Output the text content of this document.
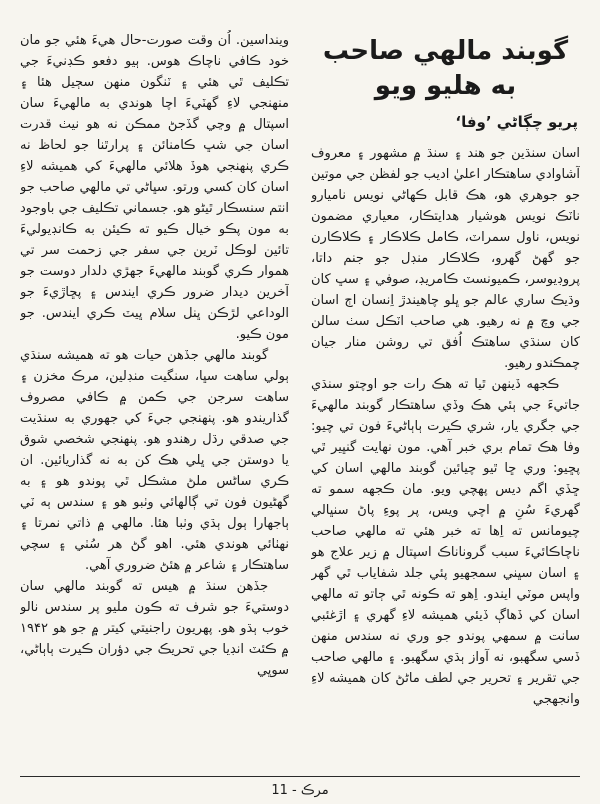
گوبند مالهي صاحب
به هليو ويو
پريو چڳاڻي ’وفا‘

اسان سنڌين جو هند ۽ سنڌ ۾ مشهور ۽ معروف آشاوادي ساهتڪار اعليٰ اديب جو لفظن جي موتين جو جوهري هو، هڪ قابل ڪهاڻي نويس ناميارو ناٽڪ نويس هوشيار هدايتڪار، معياري مضمون نويس، ناول سمراٽ، ڪامل ڪلاڪار ۽ ڪلاڪارن جو گهڻ گهرو، ڪلاڪار منڊل جو جنم داتا، پروڊيوسر، ڪميونسٽ ڪامريڊ، صوفي ۽ سڀ کان وڌيڪ ساري عالم جو ڀلو چاهيندڙ اِنسان اڄ اسان جي وچ ۾ نه رهيو. هي صاحب اٽڪل سٺ سالن کان سنڌي ساهتڪ اُفق تي روشن منار جيان چمڪندو رهيو.

ڪجهه ڏينهن ٿيا ته هڪ رات جو اوچتو سنڌي جاتيءَ جي ٻئي هڪ وڏي ساهتڪار گوبند مالهيءَ جي جگري يار، شري ڪيرت ٻاٻاڻيءَ فون تي چيو: وفا هڪ تمام بري خبر آهي. مون نهايت گنڀير ٿي پڇيو: وري ڇا ٿيو چيائين گوبند مالهي اسان کي ڇڏي اگم ديس پهچي ويو. مان ڪجهه سمو ته گهريءَ سُنِ ۾ اچي ويس، پر پوءِ پاڻ سنڀالي چيومانس ته اِها ته خبر هئي ته مالهي صاحب ناچاڪائيءَ سبب گروناناڪ اسپتال ۾ زير علاج هو ۽ اسان سڀني سمجهيو پئي جلد شفاياب ٿي گهر واپس موٽي ايندو. اِهو ته ڪونه ٿي ڄاتو ته مالهي اسان کي ڏهاڳ ڏيئي هميشه لاءِ گهري ۽ اڙغئبي سانت ۾ سمهي پوندو جو وري نه سندس منهن ڏسي سگهبو، نه آواز ٻڌي سگهبو. ۽ مالهي صاحب جي تقرير ۽ تحرير جي لطف ماڻڻ کان هميشه لاءِ وانجهجي

وينداسين. اُن وقت صورت-حال هيءَ هئي جو مان خود ڪافي ناچاڪ هوس. ٻيو دفعو ڪڊنيءَ جي تڪليف ٿي هئي ۽ ٽنگون منهن سڄيل هئا ۽ منهنجي لاءِ گهٽيءَ اچا هوندي به مالهيءَ سان اسپتال ۾ وڃي گڏجڻ ممڪن نه هو نيٺ قدرت اسان جي شڀ ڪامنائن ۽ پرارٿنا جو لحاظ نه ڪري پنهنجي هوڏ هلائي مالهيءَ کي هميشه لاءِ اسان کان کسي ورتو. سڀاڻي تي مالهي صاحب جو انتم سنسڪار ٿيڻو هو. جسماني تڪليف جي باوجود به مون پڪو خيال ڪيو ته ڪيئن به ڪانڊيوليءَ تائين لوڪل ٽرين جي سفر جي زحمت سر تي هموار ڪري گوبند مالهيءَ جهڙي دلدار دوست جو آخرين ديدار ضرور ڪري ايندس ۽ پڇاڙيءَ جو الوداعي لڙڪن ڀنل سلام ڀيٽ ڪري ايندس. جو مون ڪيو.

گوبند مالهي جڏهن حيات هو ته هميشه سنڌي ٻولي ساهت سڀا، سنگيت منڊلين، مرڪ مخزن ۽ ساهت سرجن جي ڪمن ۾ ڪافي مصروف گذاريندو هو. پنهنجي جيءَ کي جهوري به سنڌيت جي صدقي رڌل رهندو هو. پنهنجي شخصي شوق يا دوستن جي ڀلي هڪ کن به نه گذاريائين. ان ڪري ساڻس ملڻ مشڪل ٿي پوندو هو ۽ به گهڻيون فون تي ڳالهائي وٺبو هو ۽ سندس ٻه ٽي ٻاجهارا ٻول ٻڌي وٺبا هئا. مالهي ۾ ذاتي نمرتا ۽ نهٺائي هوندي هئي. اهو گڻ هر سُٺي ۽ سچي ساهتڪار ۽ شاعر ۾ هئڻ ضروري آهي.

جڏهن سنڌ ۾ هيس ته گوبند مالهي سان دوستيءَ جو شرف ته ڪون مليو پر سندس نالو خوب ٻڌو هو. پهريون راجنيتي کيتر ۾ جو هو ۱۹۴۲ ۾ ڪئٽ انڊيا جي تحريڪ جي دؤران ڪيرت ٻاٻاڻي، سوڀي

مرڪ - 11
